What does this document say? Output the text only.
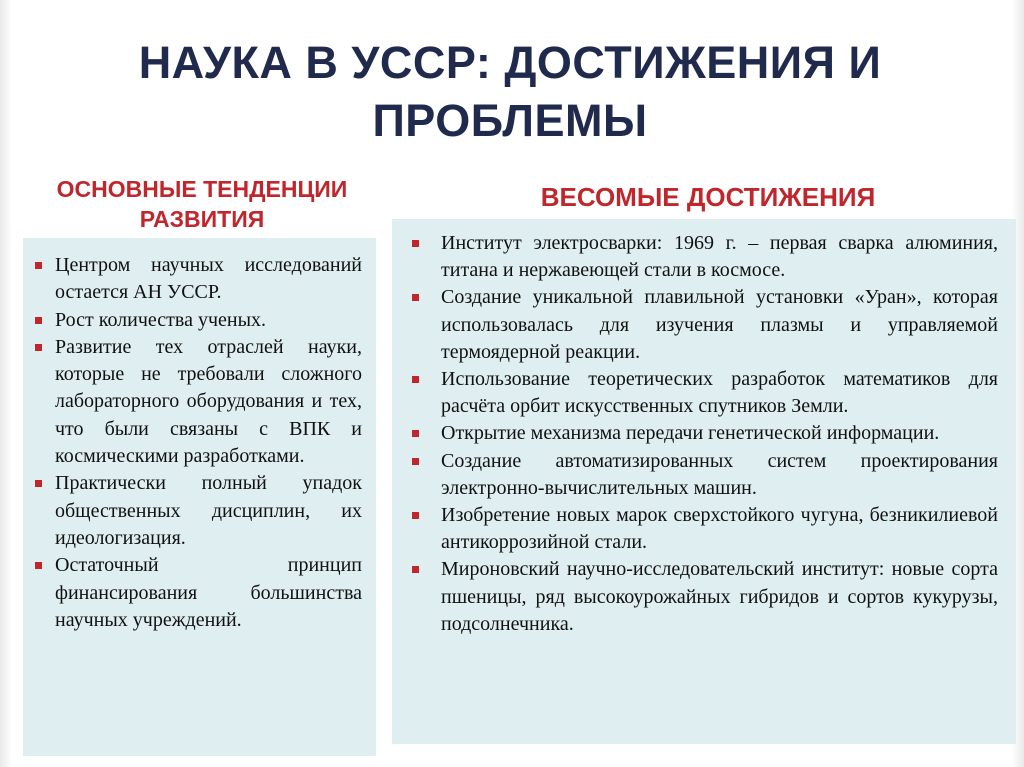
НАУКА В УССР: ДОСТИЖЕНИЯ И ПРОБЛЕМЫ
ОСНОВНЫЕ ТЕНДЕНЦИИ РАЗВИТИЯ
ВЕСОМЫЕ ДОСТИЖЕНИЯ
Центром научных исследований остается АН УССР.
Рост количества ученых.
Развитие тех отраслей науки, которые не требовали сложного лабораторного оборудования и тех, что были связаны с ВПК и космическими разработками.
Практически полный упадок общественных дисциплин, их идеологизация.
Остаточный принцип финансирования большинства научных учреждений.
Институт электросварки: 1969 г. – первая сварка алюминия, титана и нержавеющей стали в космосе.
Создание уникальной плавильной установки «Уран», которая использовалась для изучения плазмы и управляемой термоядерной реакции.
Использование теоретических разработок математиков для расчёта орбит искусственных спутников Земли.
Открытие механизма передачи генетической информации.
Создание автоматизированных систем проектирования электронно-вычислительных машин.
Изобретение новых марок сверхстойкого чугуна, безникилиевой антикоррозийной стали.
Мироновский научно-исследовательский институт: новые сорта пшеницы, ряд высокоурожайных гибридов и сортов кукурузы, подсолнечника.
